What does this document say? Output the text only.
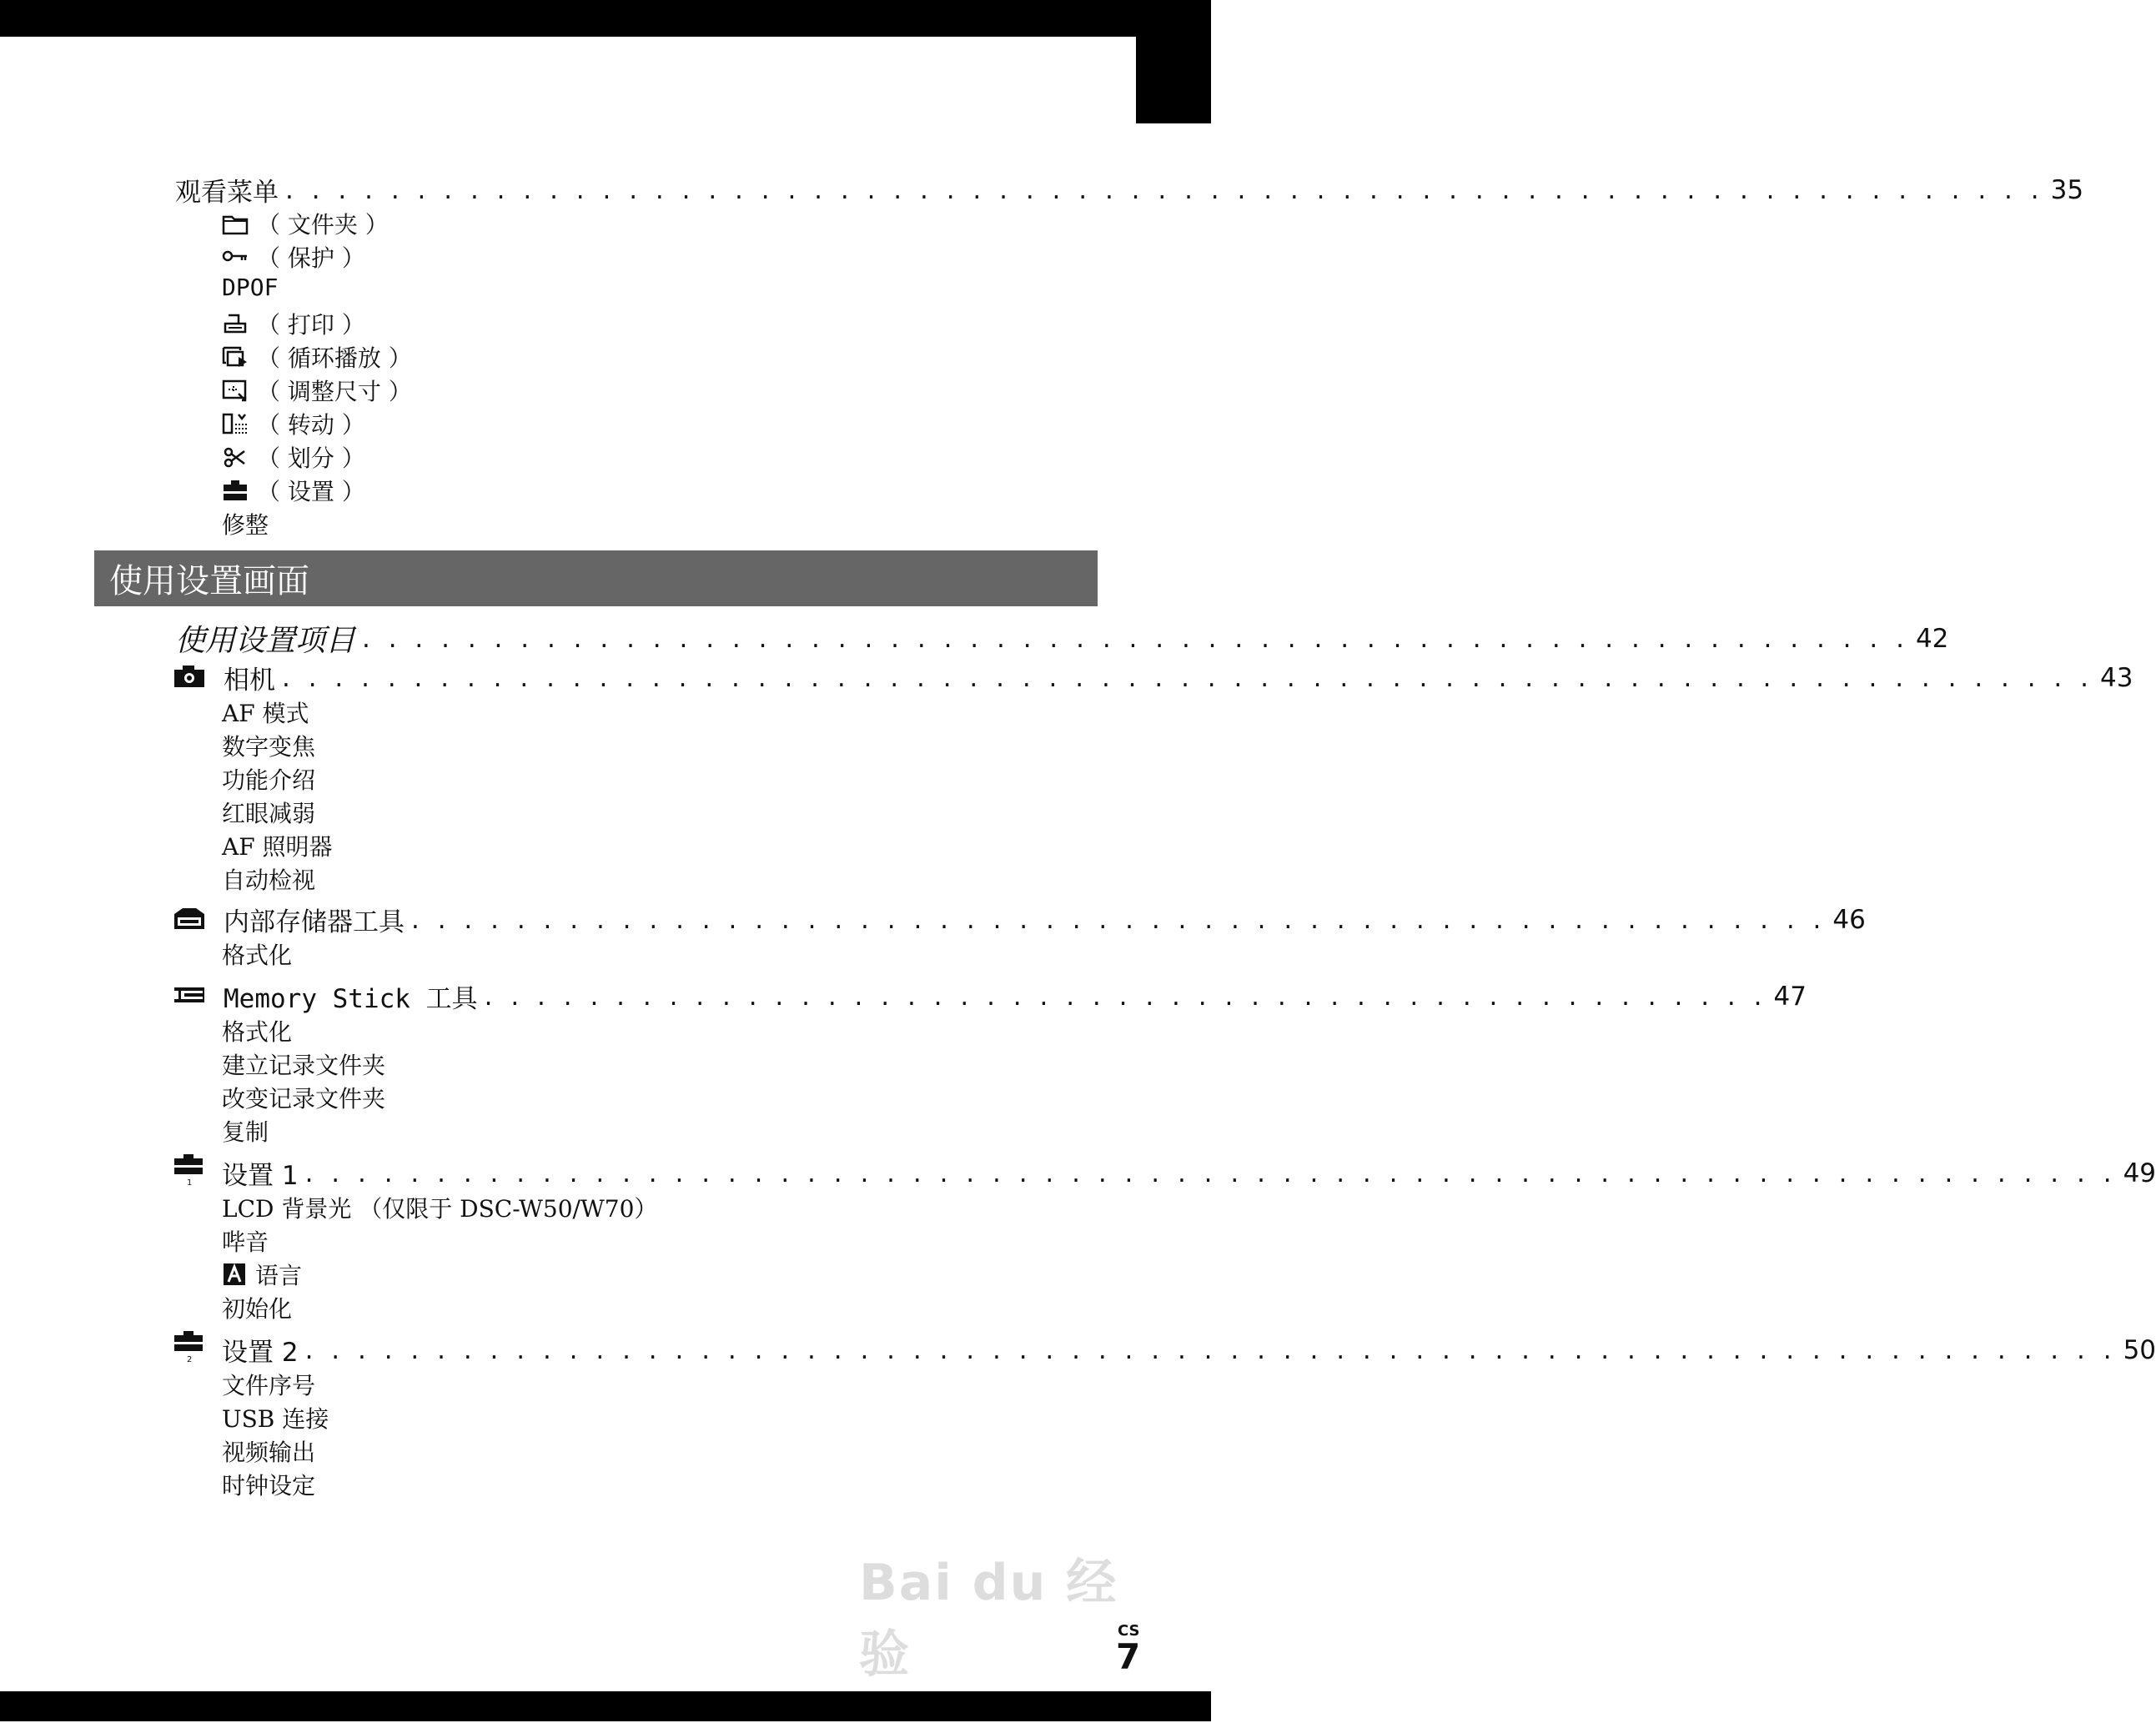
观看菜单 . . . . . . . . . . . . . . . . . . . . . . . . . . . . . . . . . . . . . . . . . . . . . . . . . . . . . . . . . . . . . . . . . . . 35
（ 文件夹 ）
（ 保护 ）
DPOF
（ 打印 ）
（ 循环播放 ）
（ 调整尺寸 ）
（ 转动 ）
（ 划分 ）
（ 设置 ）
修整
使用设置画面
使用设置项目 . . . . . . . . . . . . . . . . . . . . . . . . . . . . . . . . . . . . . . . . . . . . . . . . . . . . . . . . . . . 42
相机 . . . . . . . . . . . . . . . . . . . . . . . . . . . . . . . . . . . . . . . . . . . . . . . . . . . . . . . . . . . . . . . . . . . . . 43
AF 模式
数字变焦
功能介绍
红眼减弱
AF 照明器
自动检视
内部存储器工具 . . . . . . . . . . . . . . . . . . . . . . . . . . . . . . . . . . . . . . . . . . . . . . . . . . . . . . 46
格式化
Memory Stick 工具 . . . . . . . . . . . . . . . . . . . . . . . . . . . . . . . . . . . . . . . . . . . . . . . . . 47
格式化
建立记录文件夹
改变记录文件夹
复制
1 设置 1 . . . . . . . . . . . . . . . . . . . . . . . . . . . . . . . . . . . . . . . . . . . . . . . . . . . . . . . . . . . . . . . . . . . . . 49
LCD 背景光 （仅限于 DSC-W50/W70）
哔音
语言
初始化
2 设置 2 . . . . . . . . . . . . . . . . . . . . . . . . . . . . . . . . . . . . . . . . . . . . . . . . . . . . . . . . . . . . . . . . . . . . . 50
文件序号
USB 连接
视频输出
时钟设定
Bai du 经验	CS
7
